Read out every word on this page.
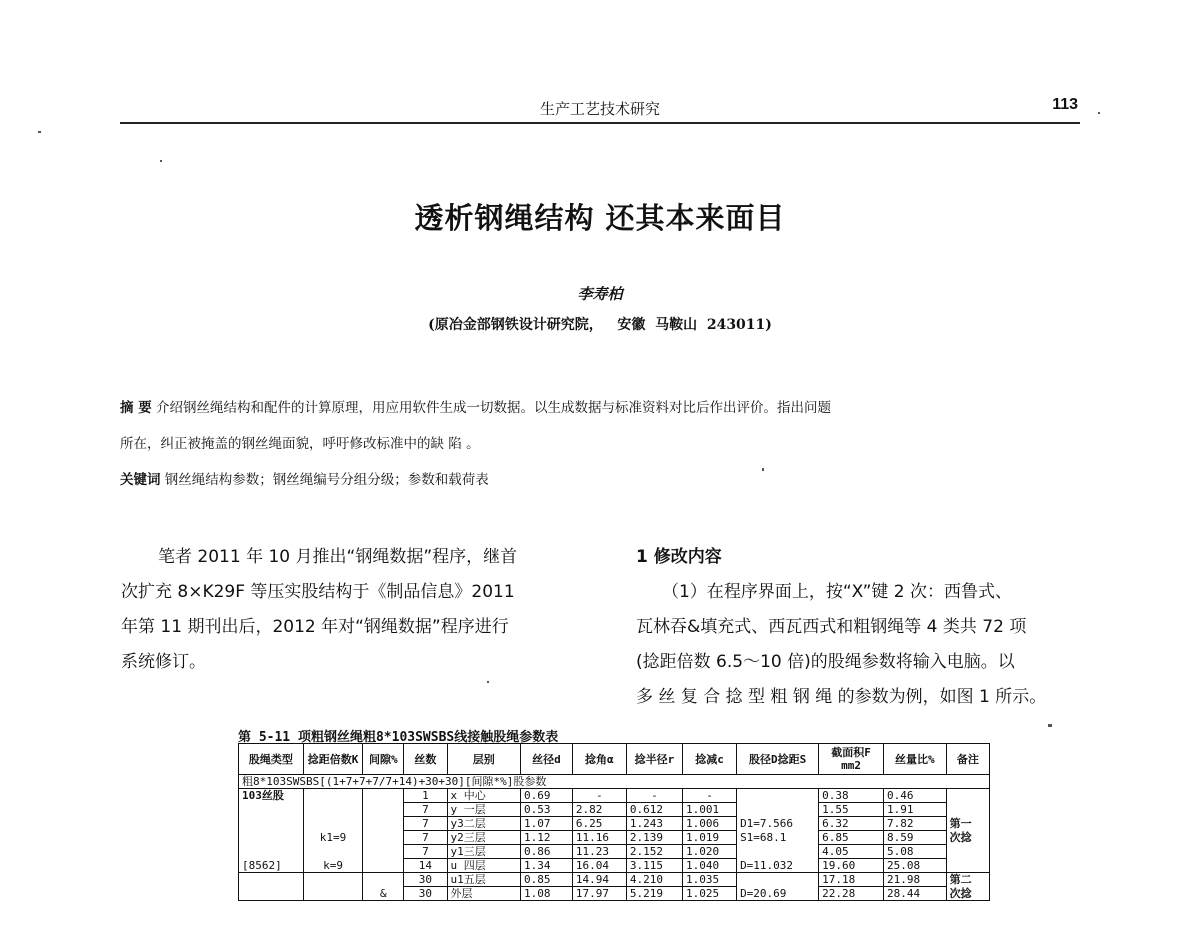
生产工艺技术研究	113
透析钢绳结构 还其本来面目
李寿柏
(原冶金部钢铁设计研究院，   安徽  马鞍山  243011)
摘 要 介绍钢丝绳结构和配件的计算原理，用应用软件生成一切数据。以生成数据与标准资料对比后作出评价。指出问题
所在，纠正被掩盖的钢丝绳面貌，呼吁修改标准中的缺 陷 。
关键词 钢丝绳结构参数；钢丝绳编号分组分级；参数和载荷表
笔者 2011 年 10 月推出“钢绳数据”程序，继首
次扩充 8×K29F 等压实股结构于《制品信息》2011
年第 11 期刊出后，2012 年对“钢绳数据”程序进行
系统修订。
1 修改内容
（1）在程序界面上，按“X”键 2 次：西鲁式、
瓦林吞&填充式、西瓦西式和粗钢绳等 4 类共 72 项
(捻距倍数 6.5～10 倍)的股绳参数将输入电脑。以
多 丝 复 合 捻 型 粗 钢 绳 的参数为例，如图 1 所示。
第 5-11 项粗钢丝绳粗8*103SWSBS线接触股绳参数表
股绳类型	捻距倍数K	间隙%	丝数	层别	丝径d	捻角α	捻半径r	捻减c	股径D捻距S	截面积F mm2	丝量比%	备注
粗8*103SWSBS[(1+7+7+7/7+14)+30+30][间隙*%]股参数												
103丝股			1	x 中心	0.69	-	-	-		0.38	0.46	
			7	y 一层	0.53	2.82	0.612	1.001		1.55	1.91	
			7	y3二层	1.07	6.25	1.243	1.006	D1=7.566	6.32	7.82	第一
	k1=9		7	y2三层	1.12	11.16	2.139	1.019	S1=68.1	6.85	8.59	次捻
			7	y1三层	0.86	11.23	2.152	1.020		4.05	5.08	
[8562]	k=9		14	u 四层	1.34	16.04	3.115	1.040	D=11.032	19.60	25.08	
			30	u1五层	0.85	14.94	4.210	1.035		17.18	21.98	第二
		&	30	外层	1.08	17.97	5.219	1.025	D=20.69	22.28	28.44	次捻
